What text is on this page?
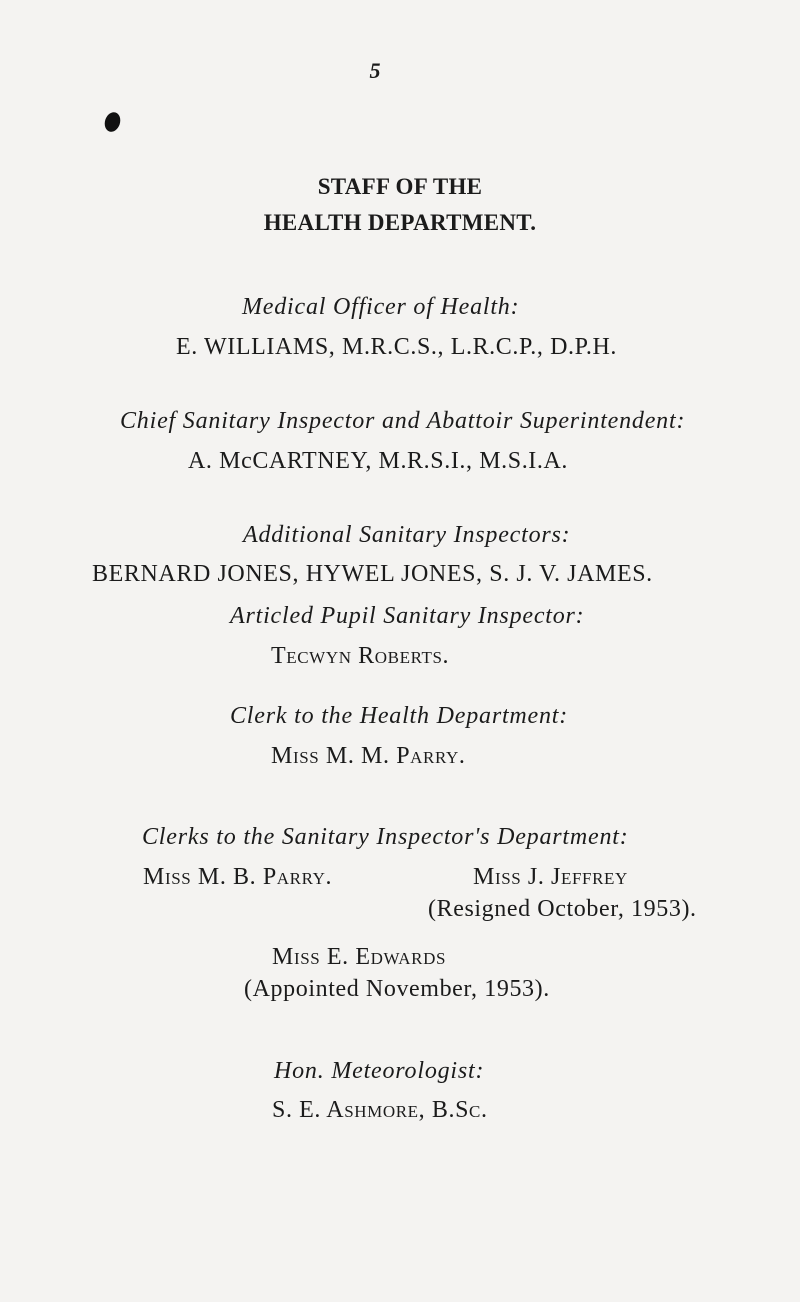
5
STAFF OF THE
HEALTH DEPARTMENT.
Medical Officer of Health:
E. WILLIAMS, M.R.C.S., L.R.C.P., D.P.H.
Chief Sanitary Inspector and Abattoir Superintendent:
A. McCARTNEY, M.R.S.I., M.S.I.A.
Additional Sanitary Inspectors:
BERNARD JONES, HYWEL JONES, S. J. V. JAMES.
Articled Pupil Sanitary Inspector:
Tecwyn Roberts.
Clerk to the Health Department:
Miss M. M. Parry.
Clerks to the Sanitary Inspector's Department:
Miss M. B. Parry.	Miss J. Jeffrey
(Resigned October, 1953).
Miss E. Edwards
(Appointed November, 1953).
Hon. Meteorologist:
S. E. Ashmore, B.Sc.
